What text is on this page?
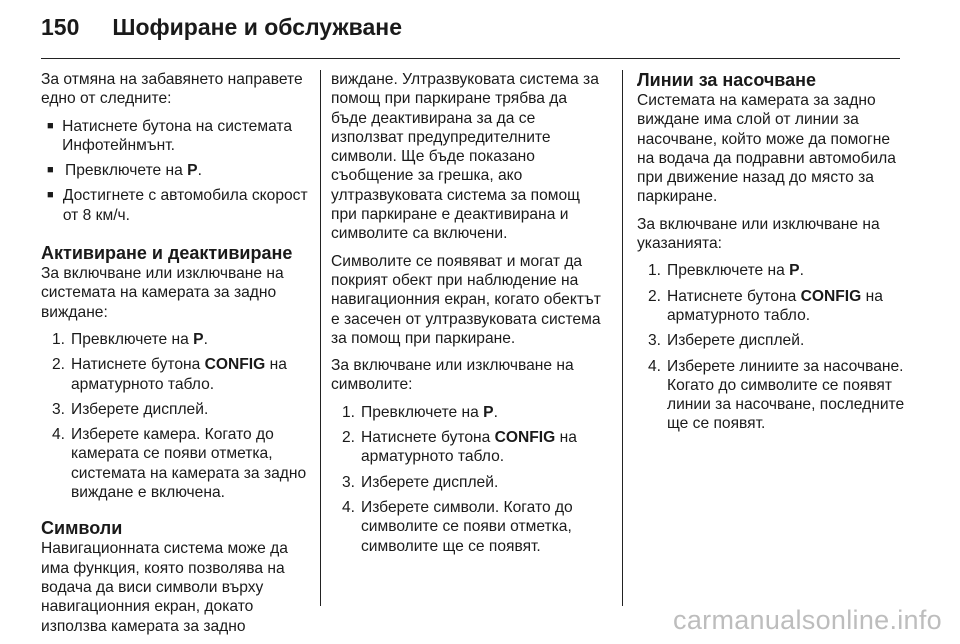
150 Шофиране и обслужване

За отмяна на забавянето направете едно от следните:

■ Натиснете бутона на системата Инфотейнмънт.
■ Превключете на P.
■ Достигнете с автомобила скорост от 8 км/ч.
Активиране и деактивиране

За включване или изключване на системата на камерата за задно виждане:

1. Превключете на P.
2. Натиснете бутона CONFIG на арматурното табло.
3. Изберете дисплей.
4. Изберете камера. Когато до камерата се появи отметка, системата на камерата за задно виждане е включена.
Символи

Навигационната система може да има функция, която позволява на водача да виси символи върху навигационния екран, докато използва камерата за задно

виждане. Ултразвуковата система за помощ при паркиране трябва да бъде деактивирана за да се използват предупредителните символи. Ще бъде показано съобщение за грешка, ако ултразвуковата система за помощ при паркиране е деактивирана и символите са включени.

Символите се появяват и могат да покрият обект при наблюдение на навигационния екран, когато обектът е засечен от ултразвуковата система за помощ при паркиране.

За включване или изключване на символите:

1. Превключете на P.
2. Натиснете бутона CONFIG на арматурното табло.
3. Изберете дисплей.
4. Изберете символи. Когато до символите се появи отметка, символите ще се появят.
Линии за насочване

Системата на камерата за задно виждане има слой от линии за насочване, който може да помогне на водача да подравни автомобила при движение назад до място за паркиране.

За включване или изключване на указанията:

1. Превключете на P.
2. Натиснете бутона CONFIG на арматурното табло.
3. Изберете дисплей.
4. Изберете линиите за насочване. Когато до символите се появят линии за насочване, последните ще се появят.
carmanualsonline.info
